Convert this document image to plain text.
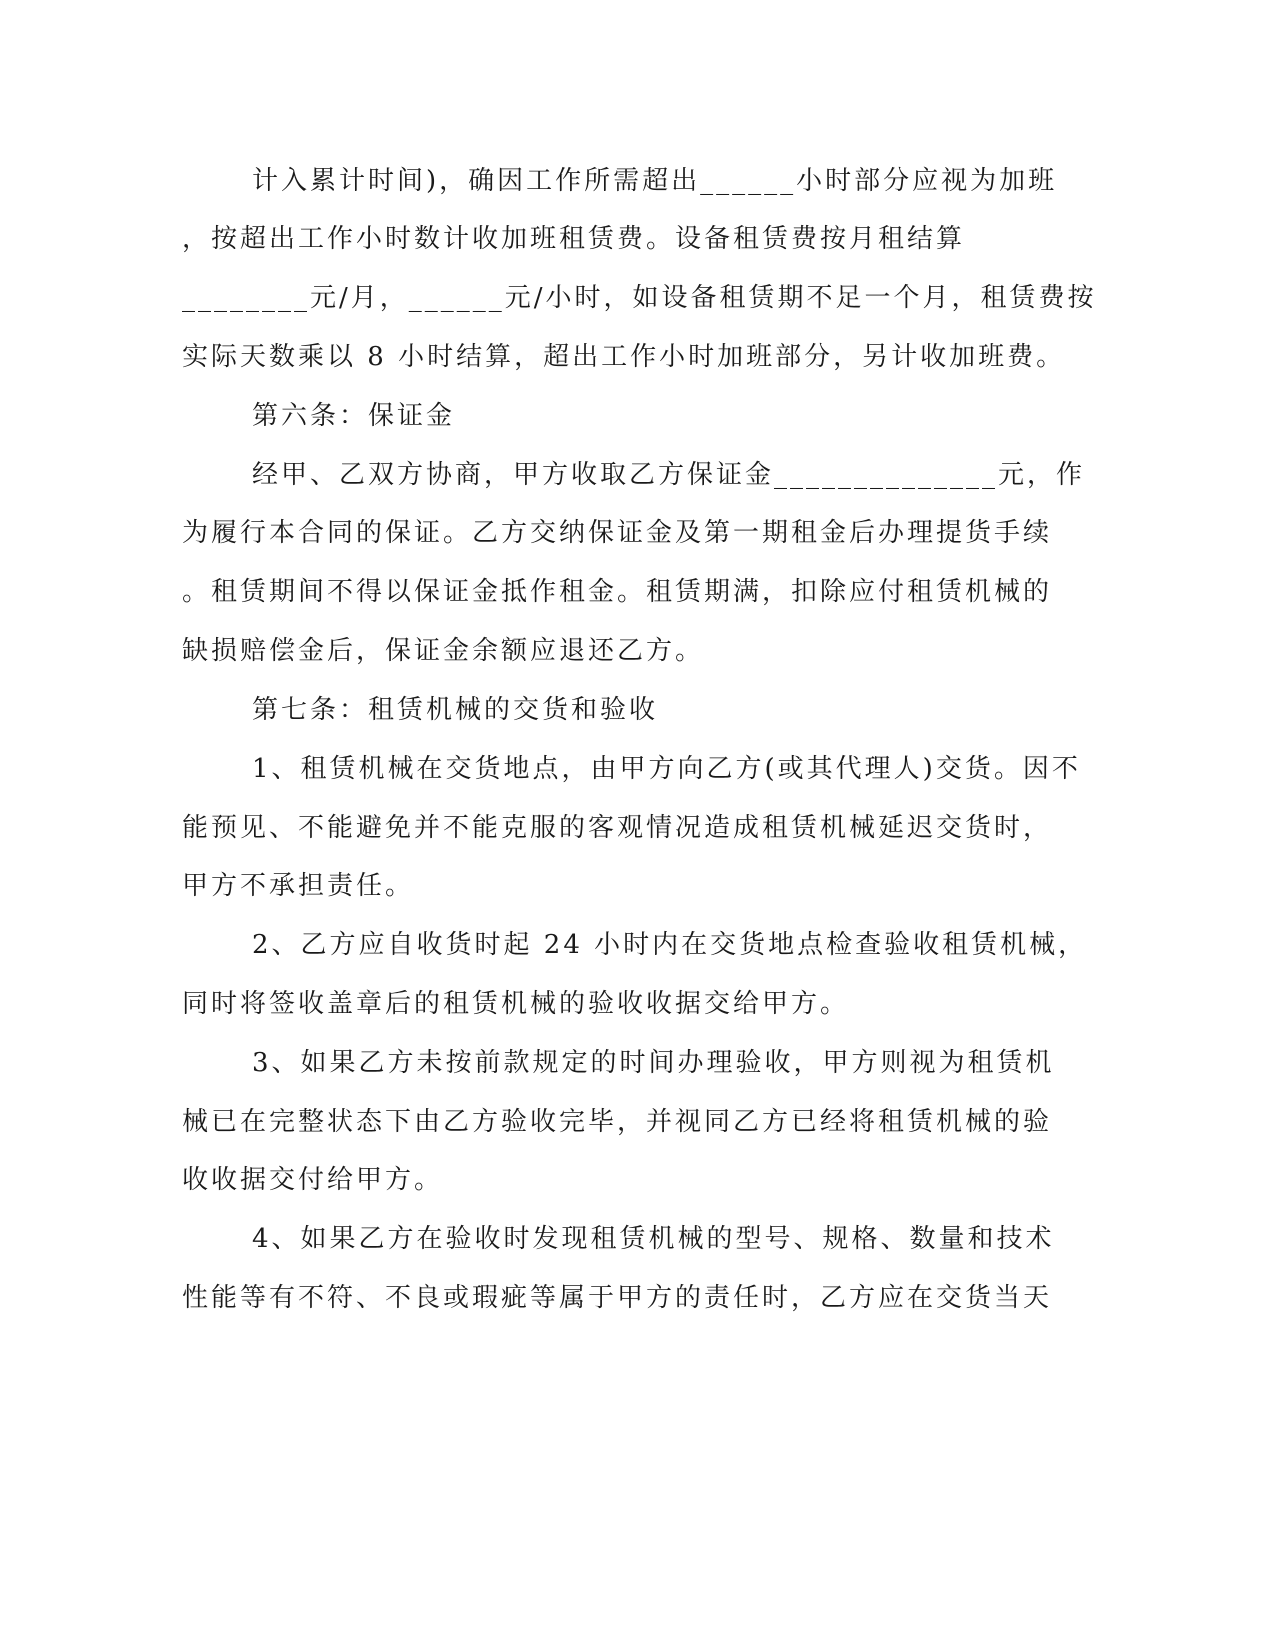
计入累计时间)，确因工作所需超出______小时部分应视为加班
，按超出工作小时数计收加班租赁费。设备租赁费按月租结算
________元/月，______元/小时，如设备租赁期不足一个月，租赁费按
实际天数乘以 8 小时结算，超出工作小时加班部分，另计收加班费。
第六条：保证金
经甲、乙双方协商，甲方收取乙方保证金______________元，作
为履行本合同的保证。乙方交纳保证金及第一期租金后办理提货手续
。租赁期间不得以保证金抵作租金。租赁期满，扣除应付租赁机械的
缺损赔偿金后，保证金余额应退还乙方。
第七条：租赁机械的交货和验收
1、租赁机械在交货地点，由甲方向乙方(或其代理人)交货。因不
能预见、不能避免并不能克服的客观情况造成租赁机械延迟交货时，
甲方不承担责任。
2、乙方应自收货时起 24 小时内在交货地点检查验收租赁机械，
同时将签收盖章后的租赁机械的验收收据交给甲方。
3、如果乙方未按前款规定的时间办理验收，甲方则视为租赁机
械已在完整状态下由乙方验收完毕，并视同乙方已经将租赁机械的验
收收据交付给甲方。
4、如果乙方在验收时发现租赁机械的型号、规格、数量和技术
性能等有不符、不良或瑕疵等属于甲方的责任时，乙方应在交货当天
